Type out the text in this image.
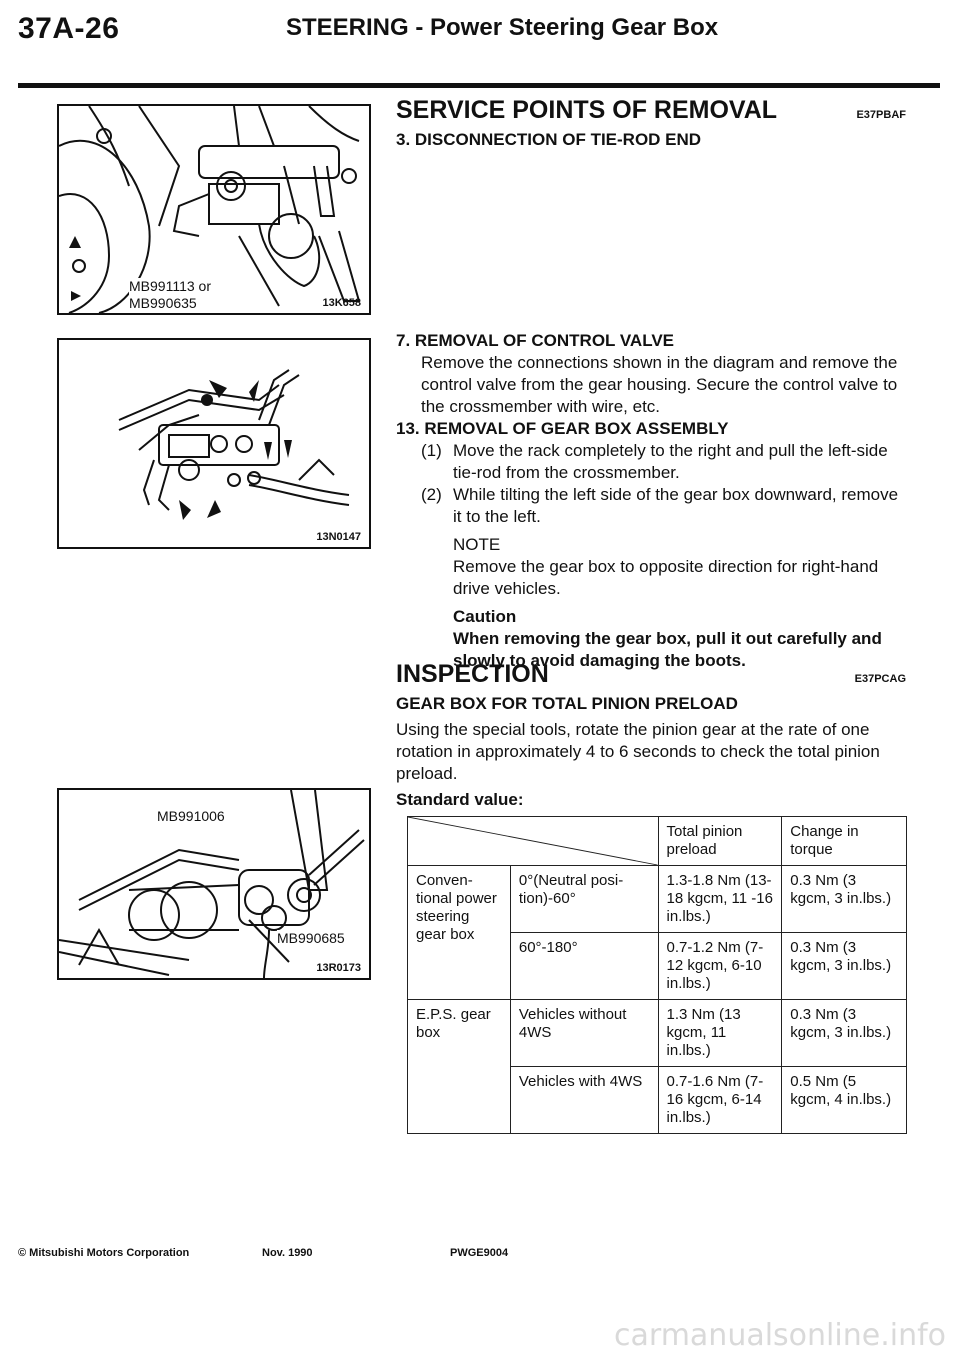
37A-26	STEERING - Power Steering Gear Box
MB991113 or
MB990635	13K658
13N0147
MB991006
MB990685
13R0173
SERVICE POINTS OF REMOVAL	E37PBAF
3. DISCONNECTION OF TIE-ROD END
7. REMOVAL OF CONTROL VALVE
Remove the connections shown in the diagram and remove the control valve from the gear housing. Secure the control valve to the crossmember with wire, etc.
13. REMOVAL OF GEAR BOX ASSEMBLY
(1) Move the rack completely to the right and pull the left-side tie-rod from the crossmember.
(2) While tilting the left side of the gear box downward, remove it to the left.
NOTE
Remove the gear box to opposite direction for right-hand drive vehicles.
Caution
When removing the gear box, pull it out carefully and slowly to avoid damaging the boots.
INSPECTION	E37PCAG
GEAR BOX FOR TOTAL PINION PRELOAD
Using the special tools, rotate the pinion gear at the rate of one rotation in approximately 4 to 6 seconds to check the total pinion preload.
Standard value:
	Total pinion preload	Change in torque
Conven- tional power steering gear box	0°(Neutral posi- tion)-60°	1.3-1.8 Nm (13-18 kgcm, 11 -16 in.lbs.)	0.3 Nm (3 kgcm, 3 in.lbs.)
	60°-180°	0.7-1.2 Nm (7-12 kgcm, 6-10 in.lbs.)	0.3 Nm (3 kgcm, 3 in.lbs.)
E.P.S. gear box	Vehicles without 4WS	1.3 Nm (13 kgcm, 11 in.lbs.)	0.3 Nm (3 kgcm, 3 in.lbs.)
	Vehicles with 4WS	0.7-1.6 Nm (7-16 kgcm, 6-14 in.lbs.)	0.5 Nm (5 kgcm, 4 in.lbs.)
© Mitsubishi Motors Corporation	Nov. 1990	PWGE9004
carmanualsonline.info
